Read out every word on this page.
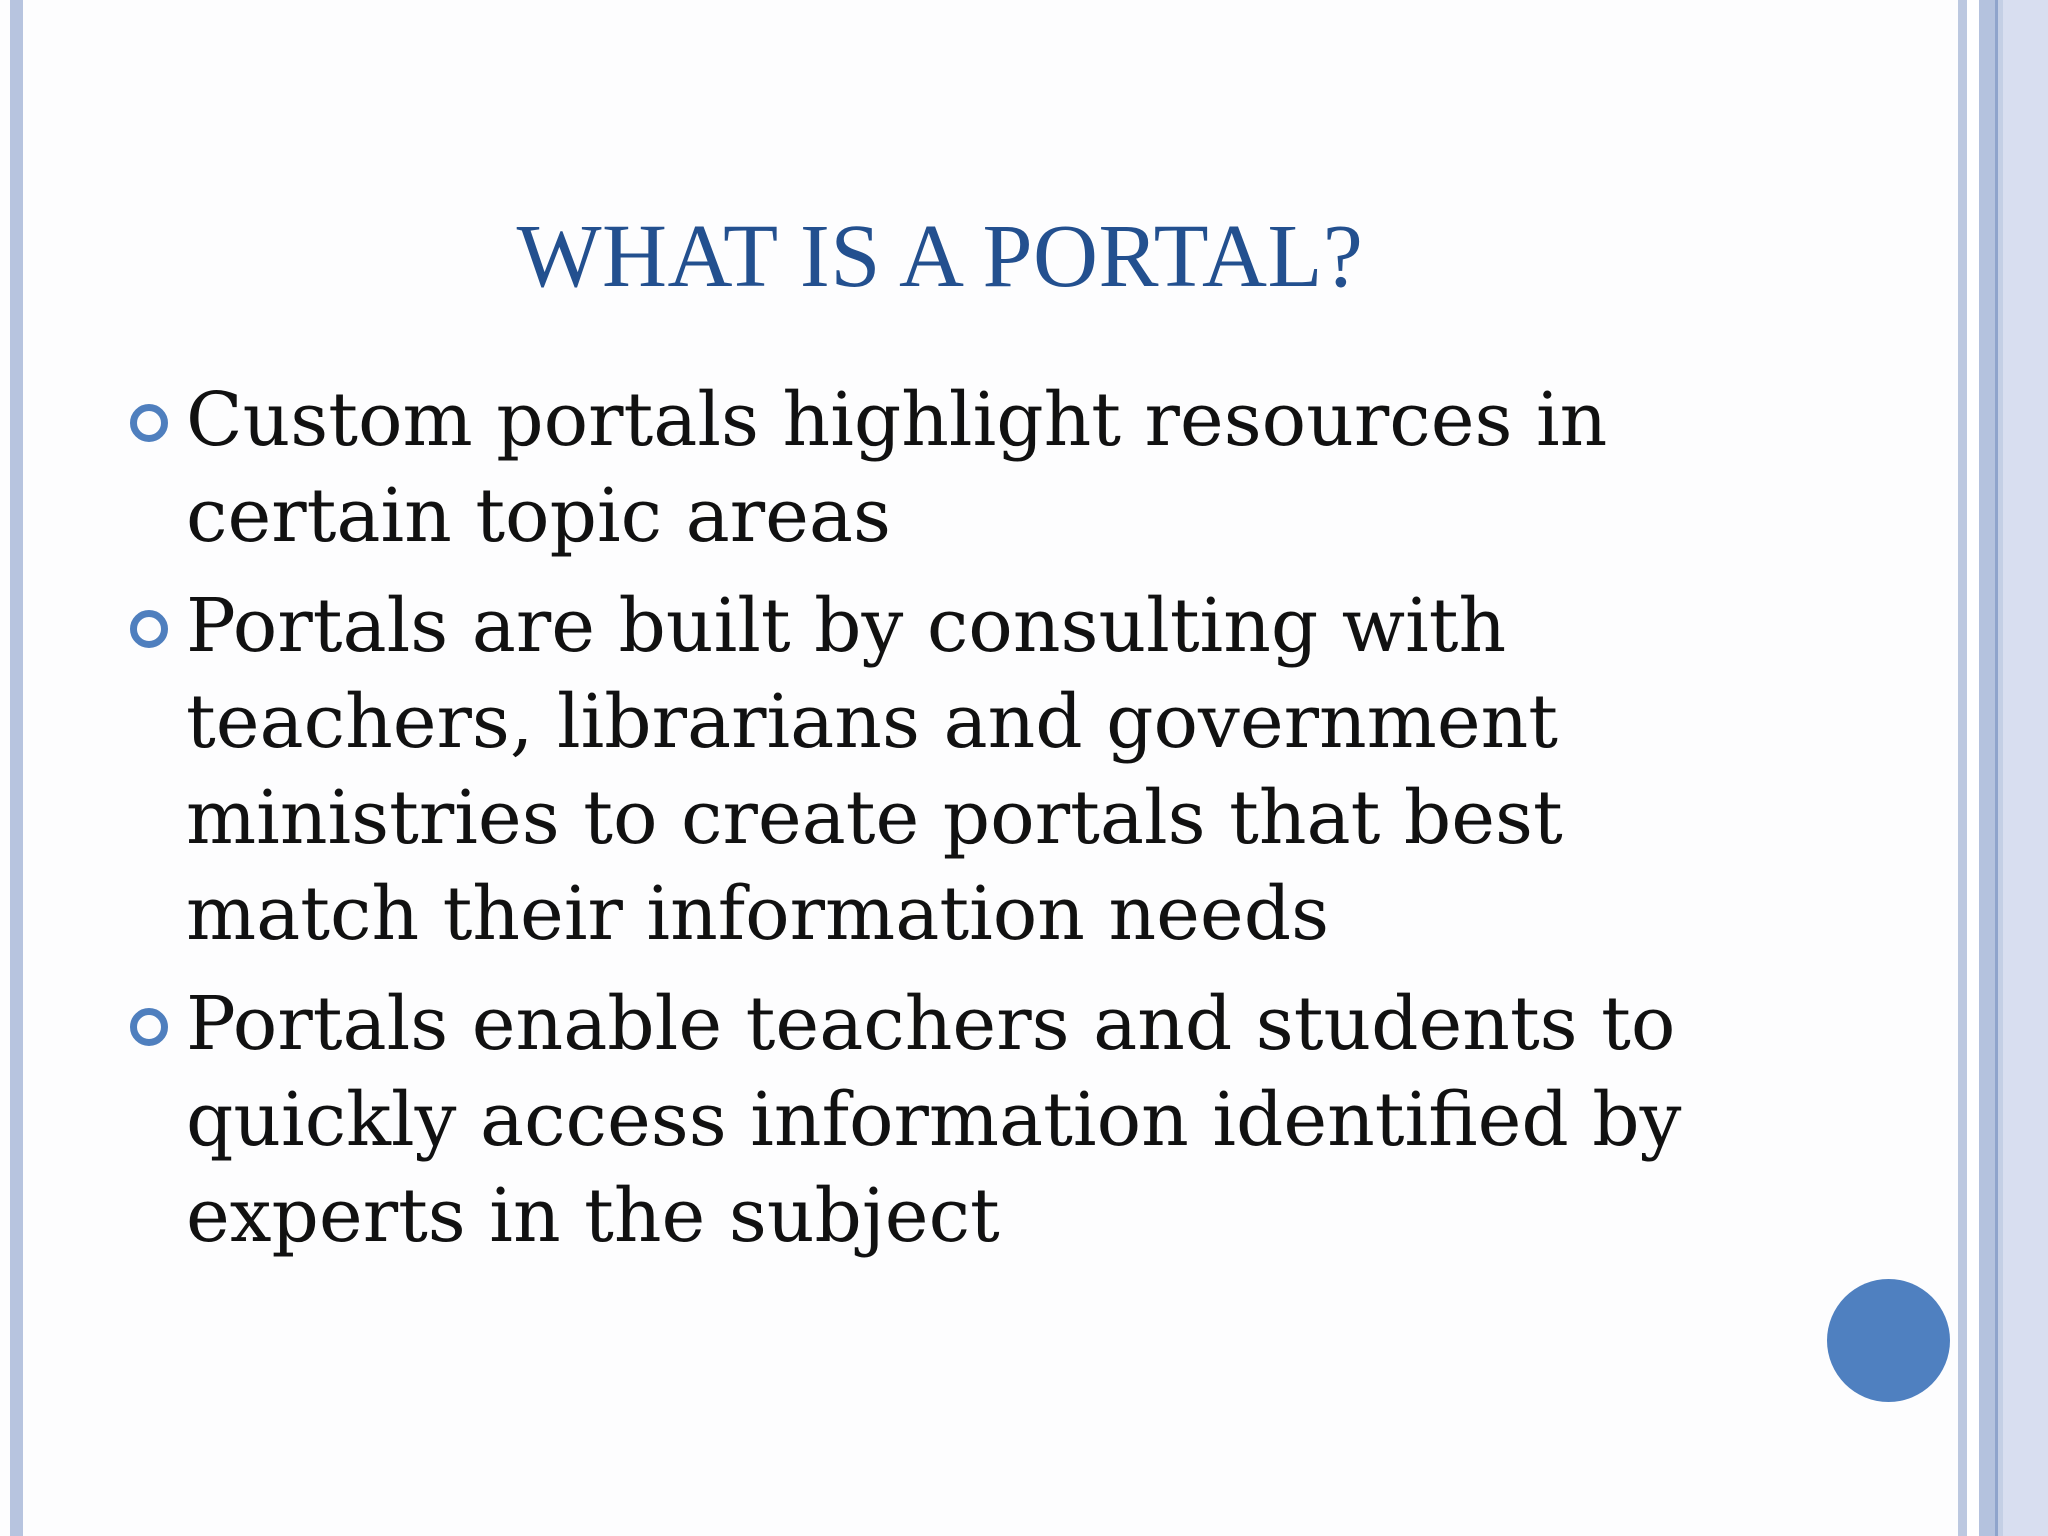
WHAT IS A PORTAL?
Custom portals highlight resources in certain topic areas
Portals are built by consulting with teachers, librarians and government ministries to create portals that best match their information needs
Portals enable teachers and students to quickly access information identified by experts in the subject
